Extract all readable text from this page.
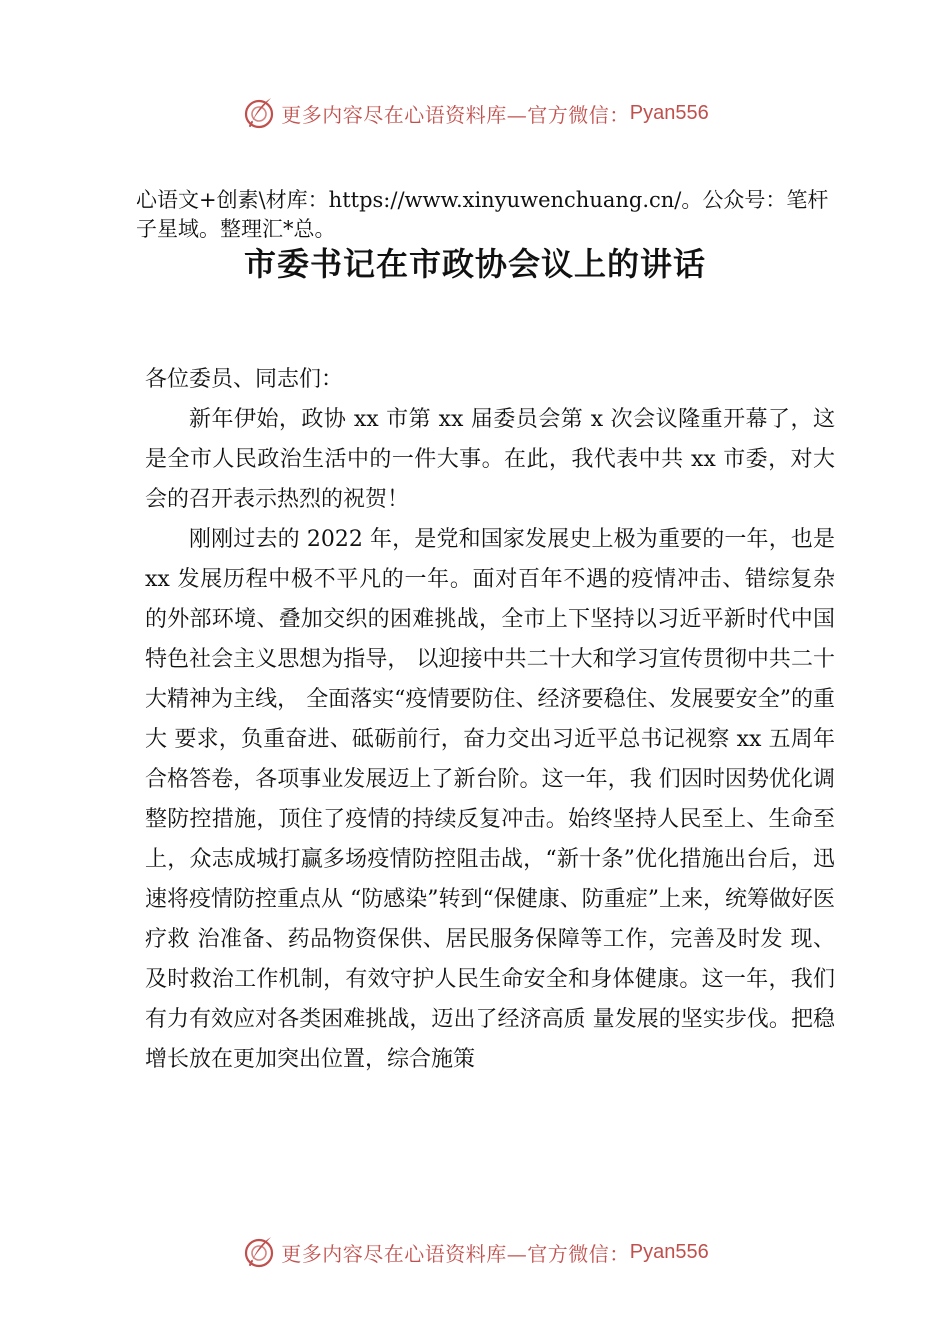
更多内容尽在心语资料库—官方微信： Pyan556
心语文+创素\材库：https://www.xinyuwenchuang.cn/。公众号：笔杆子星域。整理汇*总。
市委书记在市政协会议上的讲话

各位委员、同志们：

新年伊始，政协 xx 市第 xx 届委员会第 x 次会议隆重开幕了，这是全市人民政治生活中的一件大事。在此，我代表中共 xx 市委，对大会的召开表示热烈的祝贺！

刚刚过去的 2022 年，是党和国家发展史上极为重要的一年，也是 xx 发展历程中极不平凡的一年。面对百年不遇的疫情冲击、错综复杂的外部环境、叠加交织的困难挑战，全市上下坚持以习近平新时代中国特色社会主义思想为指导， 以迎接中共二十大和学习宣传贯彻中共二十大精神为主线， 全面落实“疫情要防住、经济要稳住、发展要安全”的重大 要求，负重奋进、砥砺前行，奋力交出习近平总书记视察 xx 五周年合格答卷，各项事业发展迈上了新台阶。这一年，我 们因时因势优化调整防控措施，顶住了疫情的持续反复冲击。始终坚持人民至上、生命至上，众志成城打赢多场疫情防控阻击战，“新十条”优化措施出台后，迅速将疫情防控重点从 “防感染”转到“保健康、防重症”上来，统筹做好医疗救 治准备、药品物资保供、居民服务保障等工作，完善及时发 现、及时救治工作机制，有效守护人民生命安全和身体健康。这一年，我们有力有效应对各类困难挑战，迈出了经济高质 量发展的坚实步伐。把稳增长放在更加突出位置，综合施策

更多内容尽在心语资料库—官方微信： Pyan556
